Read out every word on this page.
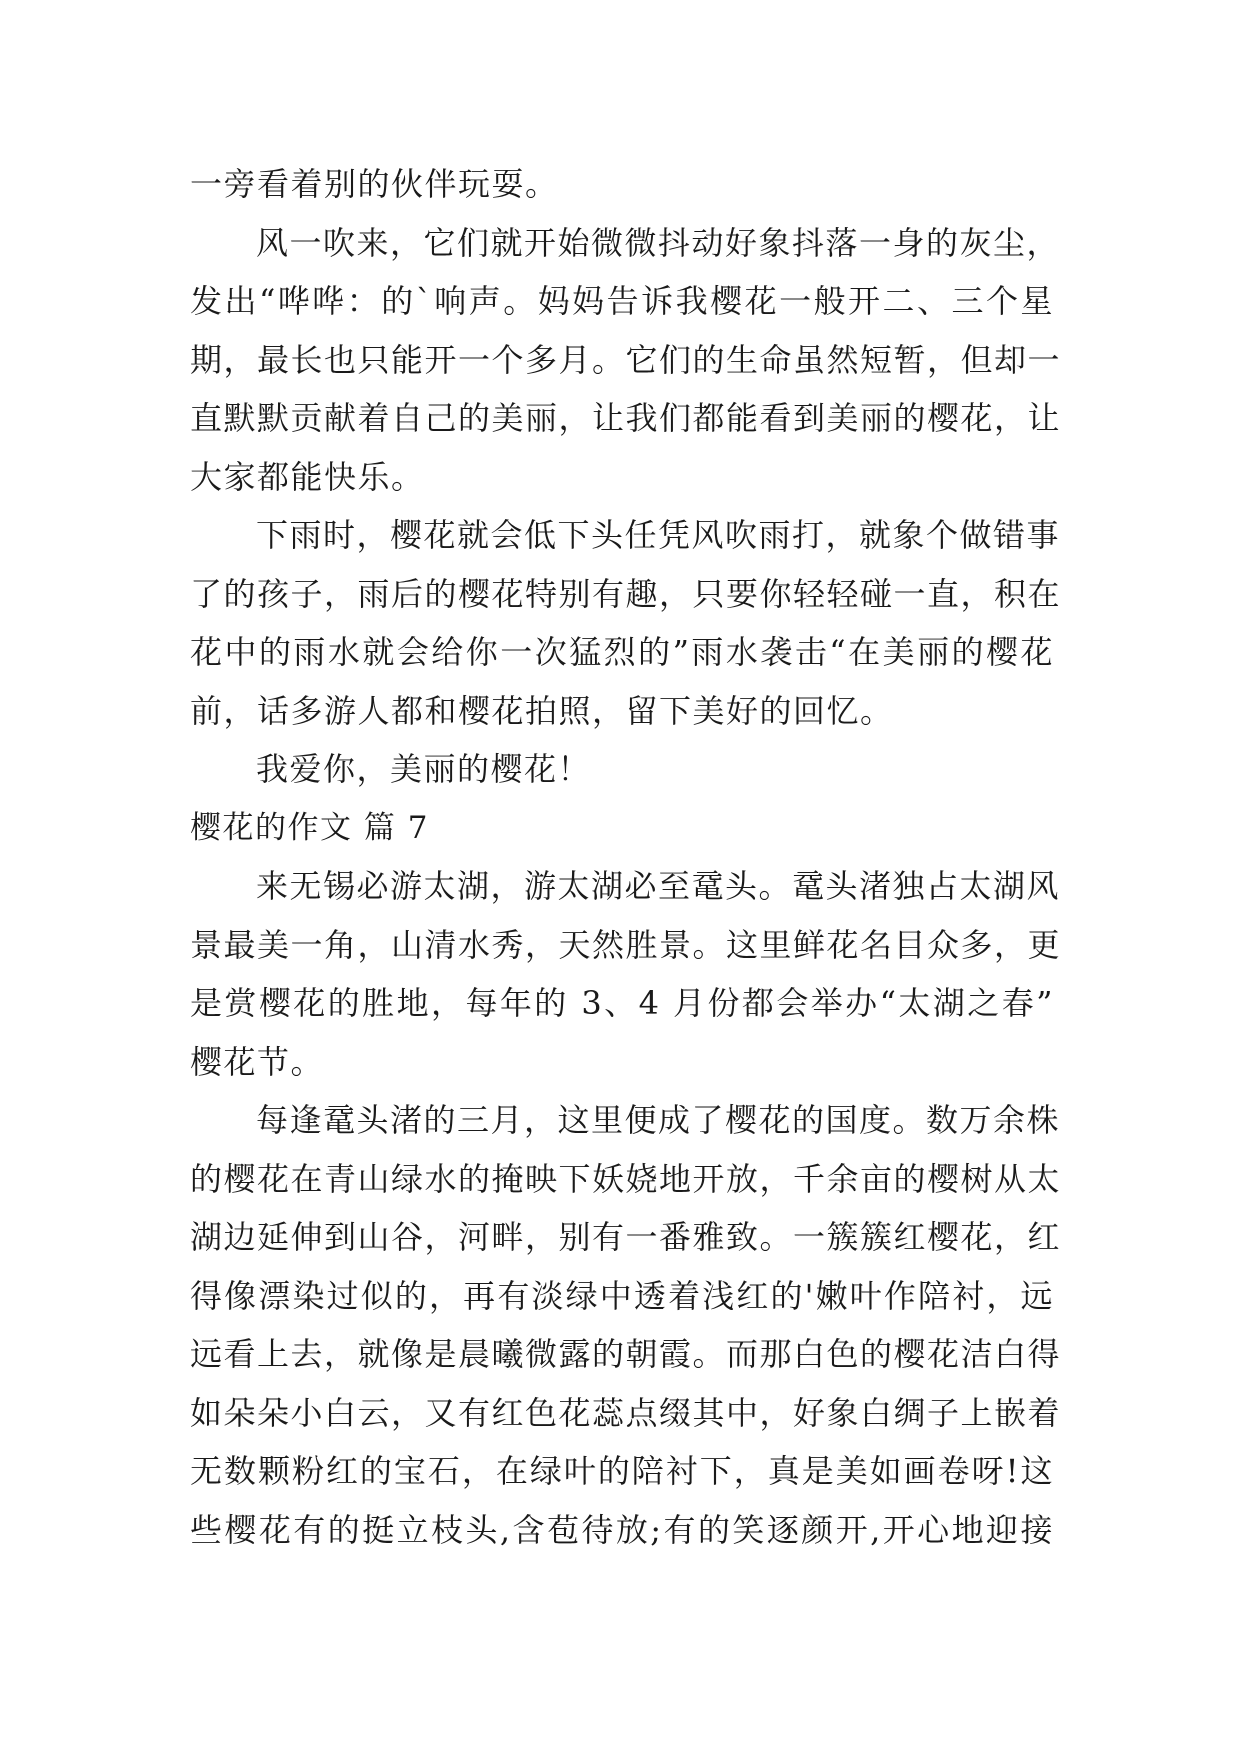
一旁看着别的伙伴玩耍。
风一吹来，它们就开始微微抖动好象抖落一身的灰尘，
发出“哗哗：的`响声。妈妈告诉我樱花一般开二、三个星
期，最长也只能开一个多月。它们的生命虽然短暂，但却一
直默默贡献着自己的美丽，让我们都能看到美丽的樱花，让
大家都能快乐。
下雨时，樱花就会低下头任凭风吹雨打，就象个做错事
了的孩子，雨后的樱花特别有趣，只要你轻轻碰一直，积在
花中的雨水就会给你一次猛烈的”雨水袭击“在美丽的樱花
前，话多游人都和樱花拍照，留下美好的回忆。
我爱你，美丽的樱花！
樱花的作文 篇 7
来无锡必游太湖，游太湖必至鼋头。鼋头渚独占太湖风
景最美一角，山清水秀，天然胜景。这里鲜花名目众多，更
是赏樱花的胜地，每年的 3、4 月份都会举办“太湖之春”
樱花节。
每逢鼋头渚的三月，这里便成了樱花的国度。数万余株
的樱花在青山绿水的掩映下妖娆地开放，千余亩的樱树从太
湖边延伸到山谷，河畔，别有一番雅致。一簇簇红樱花，红
得像漂染过似的，再有淡绿中透着浅红的'嫩叶作陪衬，远
远看上去，就像是晨曦微露的朝霞。而那白色的樱花洁白得
如朵朵小白云，又有红色花蕊点缀其中，好象白绸子上嵌着
无数颗粉红的宝石，在绿叶的陪衬下，真是美如画卷呀!这
些樱花有的挺立枝头,含苞待放;有的笑逐颜开,开心地迎接
